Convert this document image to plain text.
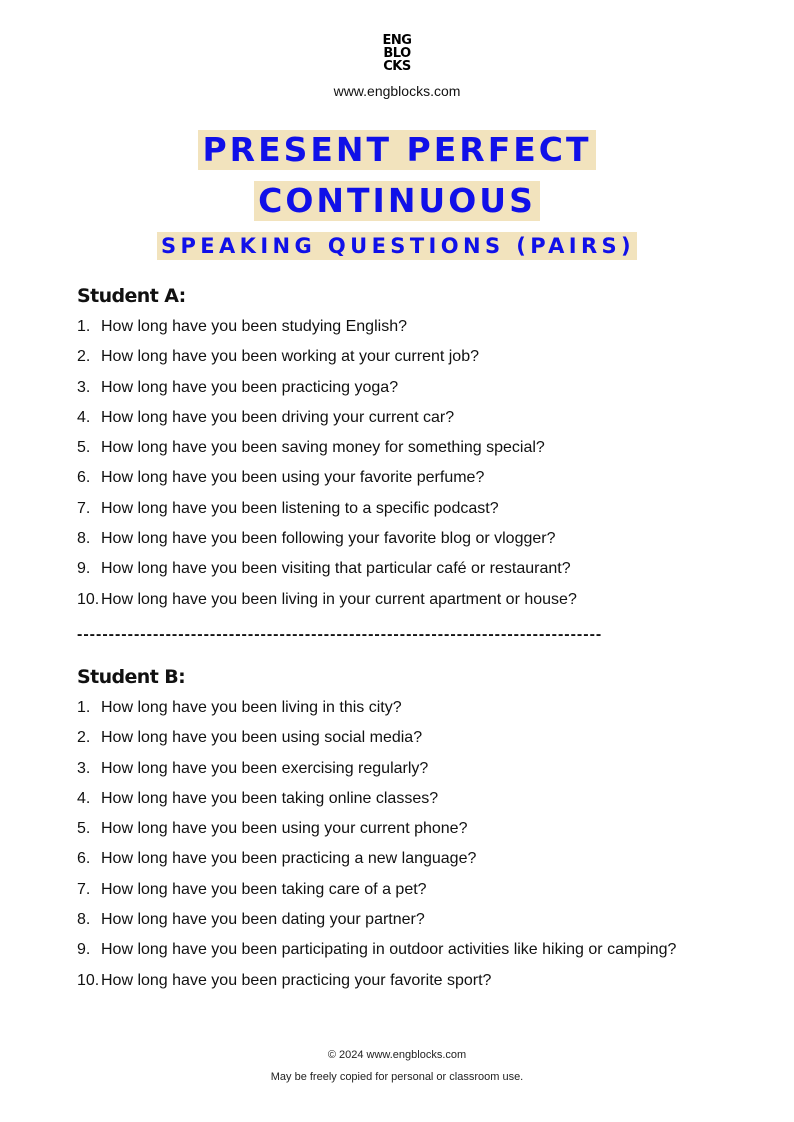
ENG
BLO
CKS
www.engblocks.com
PRESENT PERFECT
CONTINUOUS
SPEAKING QUESTIONS (PAIRS)
Student A:
1. How long have you been studying English?
2. How long have you been working at your current job?
3. How long have you been practicing yoga?
4. How long have you been driving your current car?
5. How long have you been saving money for something special?
6. How long have you been using your favorite perfume?
7. How long have you been listening to a specific podcast?
8. How long have you been following your favorite blog or vlogger?
9. How long have you been visiting that particular café or restaurant?
10. How long have you been living in your current apartment or house?
-----------------------------------------------------------------------------------
Student B:
1. How long have you been living in this city?
2. How long have you been using social media?
3. How long have you been exercising regularly?
4. How long have you been taking online classes?
5. How long have you been using your current phone?
6. How long have you been practicing a new language?
7. How long have you been taking care of a pet?
8. How long have you been dating your partner?
9. How long have you been participating in outdoor activities like hiking or camping?
10. How long have you been practicing your favorite sport?
© 2024 www.engblocks.com
May be freely copied for personal or classroom use.
